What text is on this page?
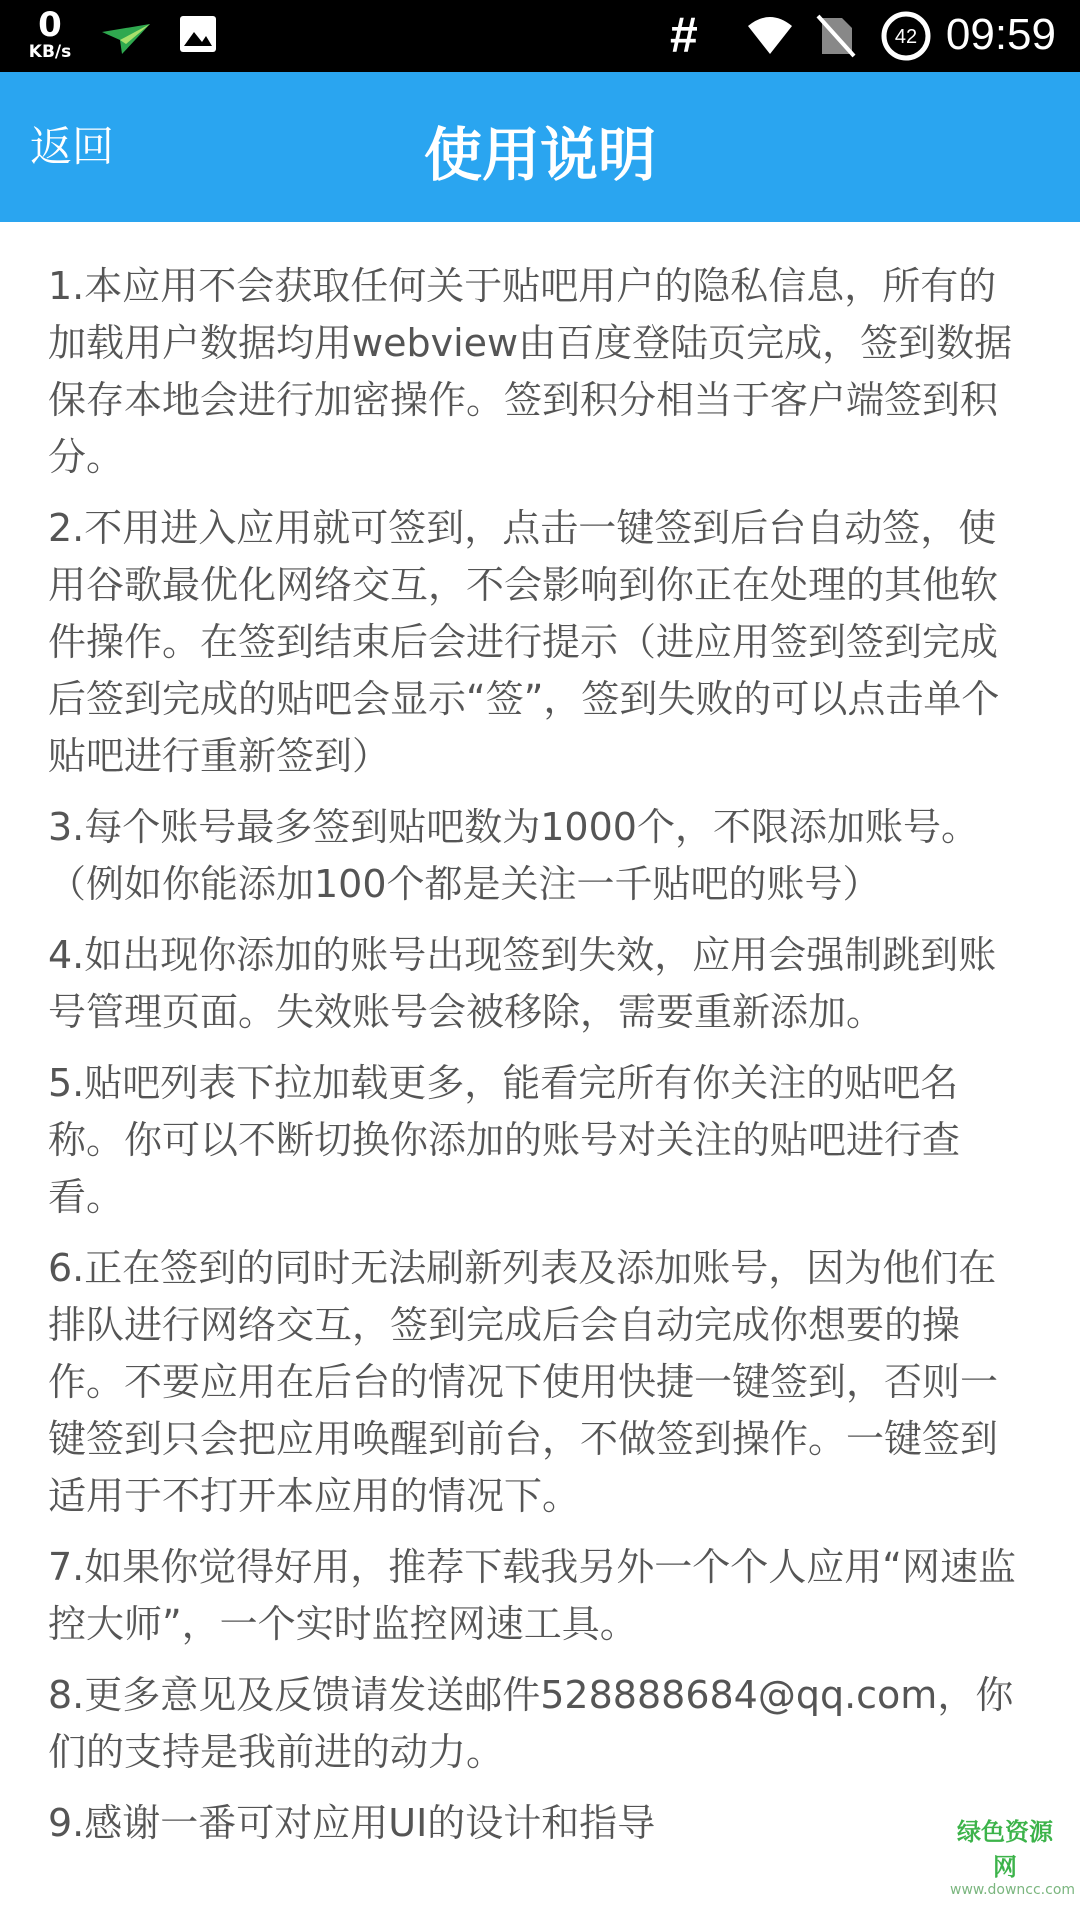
0
KB/s	#	42 09:59
返回	使用说明

1.本应用不会获取任何关于贴吧用户的隐私信息，所有的加载用户数据均用webview由百度登陆页完成，签到数据保存本地会进行加密操作。签到积分相当于客户端签到积分。

2.不用进入应用就可签到，点击一键签到后台自动签，使用谷歌最优化网络交互，不会影响到你正在处理的其他软件操作。在签到结束后会进行提示（进应用签到签到完成后签到完成的贴吧会显示“签”，签到失败的可以点击单个贴吧进行重新签到）

3.每个账号最多签到贴吧数为1000个，不限添加账号。（例如你能添加100个都是关注一千贴吧的账号）

4.如出现你添加的账号出现签到失效，应用会强制跳到账号管理页面。失效账号会被移除，需要重新添加。

5.贴吧列表下拉加载更多，能看完所有你关注的贴吧名称。你可以不断切换你添加的账号对关注的贴吧进行查看。

6.正在签到的同时无法刷新列表及添加账号，因为他们在排队进行网络交互，签到完成后会自动完成你想要的操作。不要应用在后台的情况下使用快捷一键签到，否则一键签到只会把应用唤醒到前台，不做签到操作。一键签到适用于不打开本应用的情况下。

7.如果你觉得好用，推荐下载我另外一个个人应用“网速监控大师”，一个实时监控网速工具。

8.更多意见及反馈请发送邮件528888684@qq.com，你们的支持是我前进的动力。

9.感谢一番可对应用UI的设计和指导	绿色资源网
www.downcc.com
